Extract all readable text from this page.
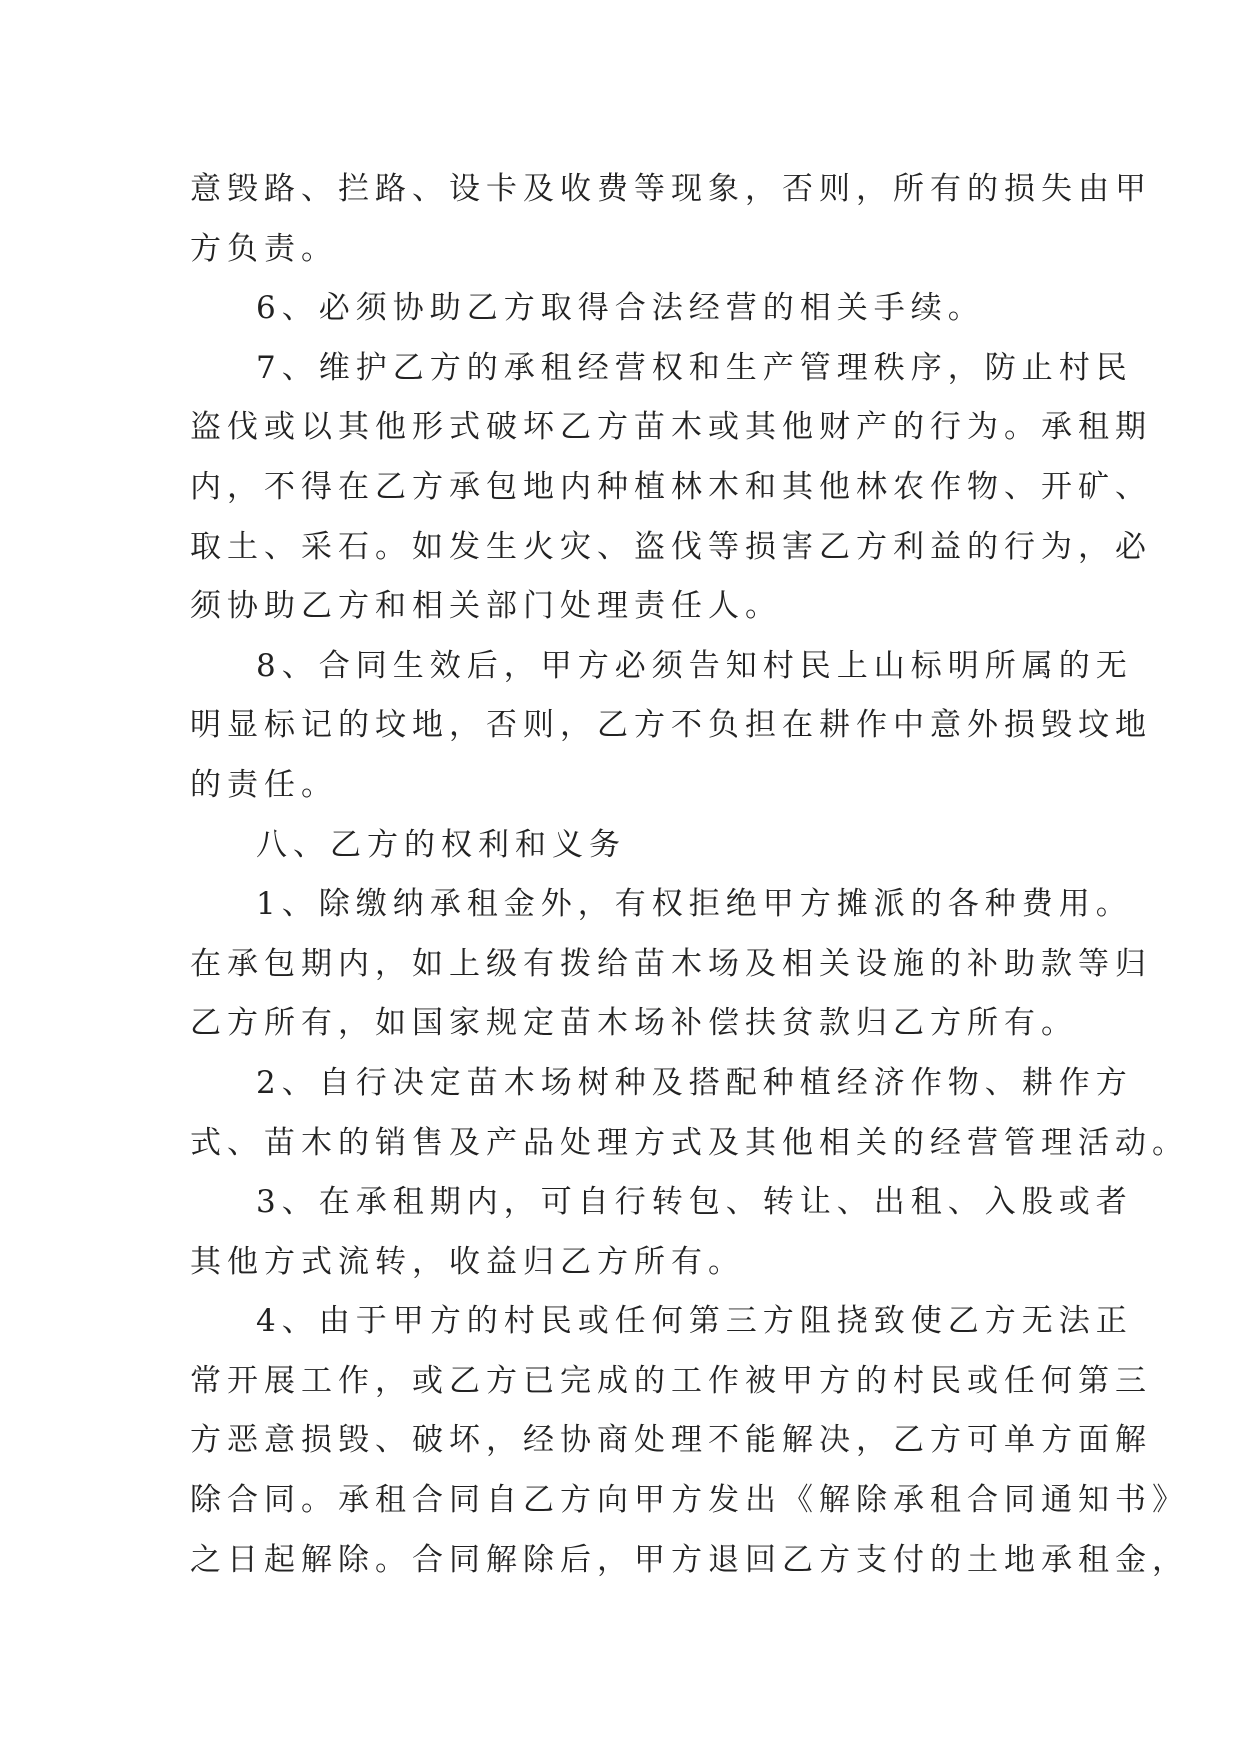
意毁路、拦路、设卡及收费等现象，否则，所有的损失由甲
方负责。
6、必须协助乙方取得合法经营的相关手续。
7、维护乙方的承租经营权和生产管理秩序，防止村民
盗伐或以其他形式破坏乙方苗木或其他财产的行为。承租期
内，不得在乙方承包地内种植林木和其他林农作物、开矿、
取土、采石。如发生火灾、盗伐等损害乙方利益的行为，必
须协助乙方和相关部门处理责任人。
8、合同生效后，甲方必须告知村民上山标明所属的无
明显标记的坟地，否则，乙方不负担在耕作中意外损毁坟地
的责任。
八、乙方的权利和义务
1、除缴纳承租金外，有权拒绝甲方摊派的各种费用。
在承包期内，如上级有拨给苗木场及相关设施的补助款等归
乙方所有，如国家规定苗木场补偿扶贫款归乙方所有。
2、自行决定苗木场树种及搭配种植经济作物、耕作方
式、苗木的销售及产品处理方式及其他相关的经营管理活动。
3、在承租期内，可自行转包、转让、出租、入股或者
其他方式流转，收益归乙方所有。
4、由于甲方的村民或任何第三方阻挠致使乙方无法正
常开展工作，或乙方已完成的工作被甲方的村民或任何第三
方恶意损毁、破坏，经协商处理不能解决，乙方可单方面解
除合同。承租合同自乙方向甲方发出《解除承租合同通知书》
之日起解除。合同解除后，甲方退回乙方支付的土地承租金，
